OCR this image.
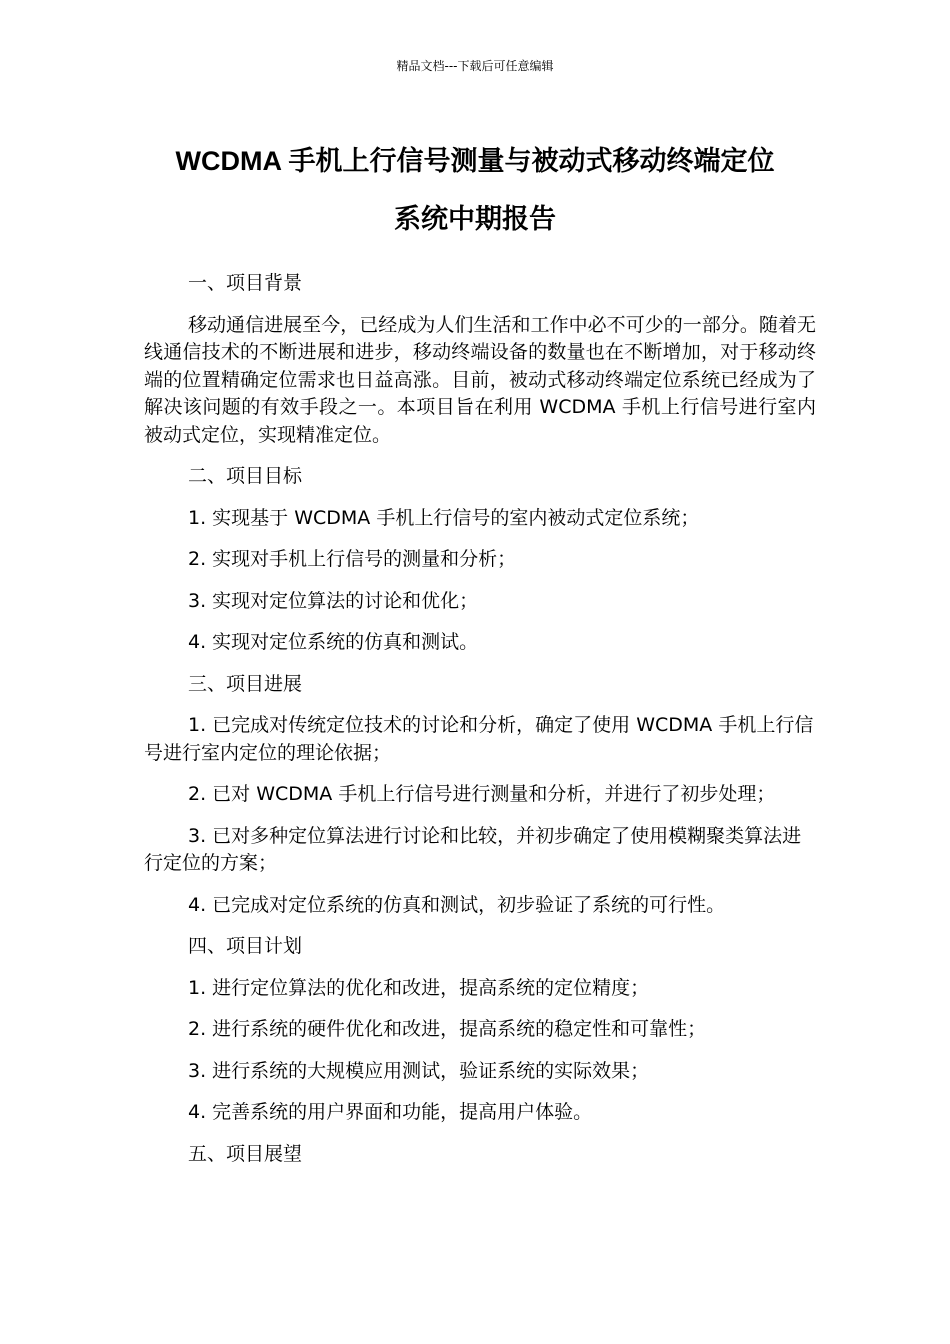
精品文档---下载后可任意编辑
WCDMA 手机上行信号测量与被动式移动终端定位
系统中期报告

一、项目背景

移动通信进展至今，已经成为人们生活和工作中必不可少的一部分。随着无线通信技术的不断进展和进步，移动终端设备的数量也在不断增加，对于移动终端的位置精确定位需求也日益高涨。目前，被动式移动终端定位系统已经成为了解决该问题的有效手段之一。本项目旨在利用 WCDMA 手机上行信号进行室内被动式定位，实现精准定位。

二、项目目标

1. 实现基于 WCDMA 手机上行信号的室内被动式定位系统；

2. 实现对手机上行信号的测量和分析；

3. 实现对定位算法的讨论和优化；

4. 实现对定位系统的仿真和测试。

三、项目进展

1. 已完成对传统定位技术的讨论和分析，确定了使用 WCDMA 手机上行信号进行室内定位的理论依据；

2. 已对 WCDMA 手机上行信号进行测量和分析，并进行了初步处理；

3. 已对多种定位算法进行讨论和比较，并初步确定了使用模糊聚类算法进行定位的方案；

4. 已完成对定位系统的仿真和测试，初步验证了系统的可行性。

四、项目计划

1. 进行定位算法的优化和改进，提高系统的定位精度；

2. 进行系统的硬件优化和改进，提高系统的稳定性和可靠性；

3. 进行系统的大规模应用测试，验证系统的实际效果；

4. 完善系统的用户界面和功能，提高用户体验。

五、项目展望
